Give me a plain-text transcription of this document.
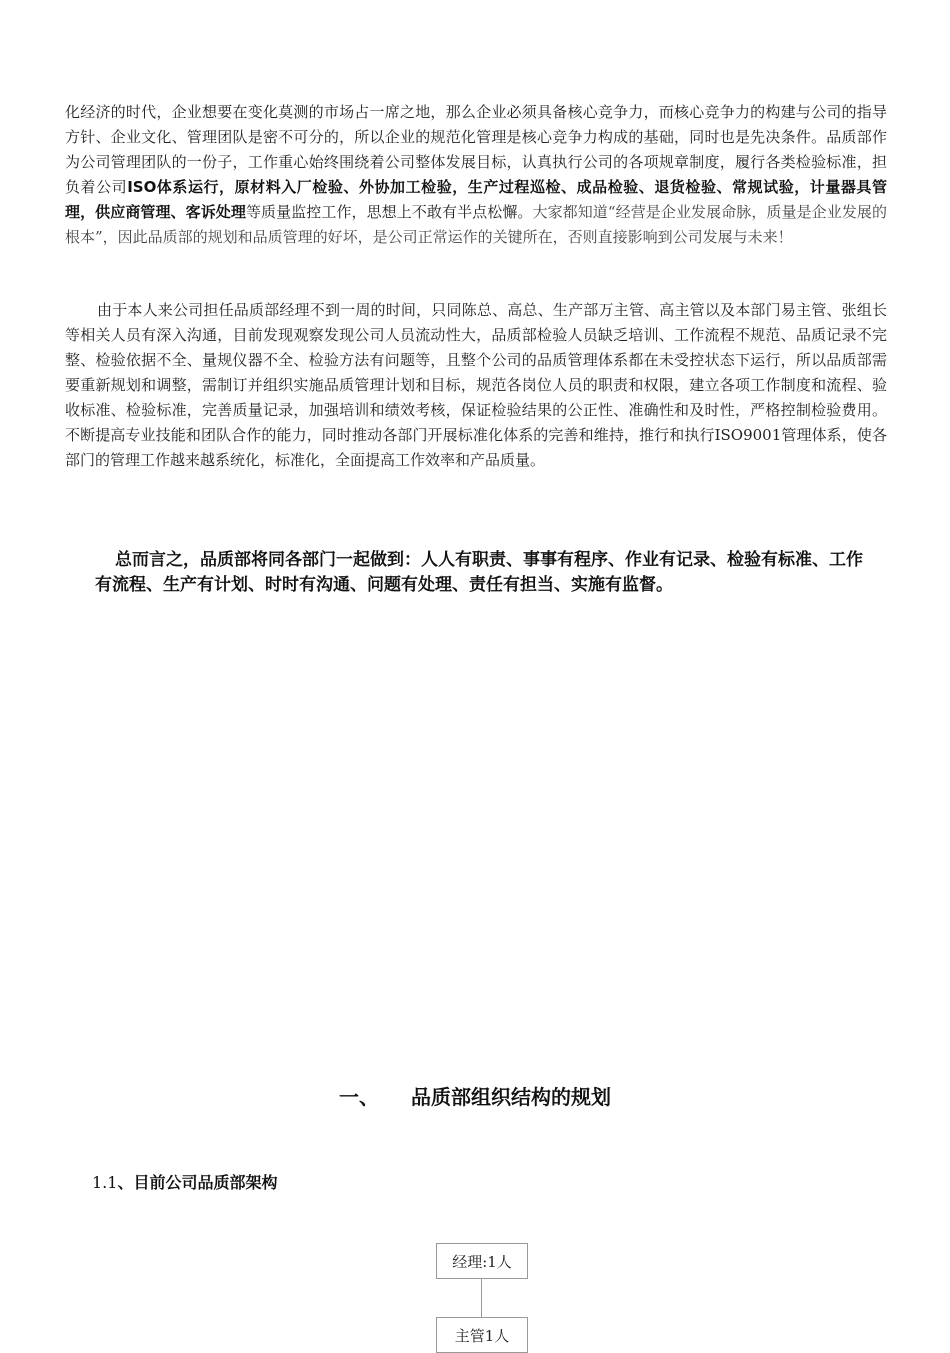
化经济的时代，企业想要在变化莫测的市场占一席之地，那么企业必须具备核心竞争力，而核心竞争力的构建与公司的指导方针、企业文化、管理团队是密不可分的，所以企业的规范化管理是核心竞争力构成的基础，同时也是先决条件。品质部作为公司管理团队的一份子，工作重心始终围绕着公司整体发展目标，认真执行公司的各项规章制度，履行各类检验标准，担负着公司ISO体系运行，原材料入厂检验、外协加工检验，生产过程巡检、成品检验、退货检验、常规试验，计量器具管理，供应商管理、客诉处理等质量监控工作，思想上不敢有半点松懈。大家都知道“经营是企业发展命脉，质量是企业发展的根本”，因此品质部的规划和品质管理的好坏，是公司正常运作的关键所在，否则直接影响到公司发展与未来！

由于本人来公司担任品质部经理不到一周的时间，只同陈总、高总、生产部万主管、高主管以及本部门易主管、张组长等相关人员有深入沟通，目前发现观察发现公司人员流动性大，品质部检验人员缺乏培训、工作流程不规范、品质记录不完整、检验依据不全、量规仪器不全、检验方法有问题等，且整个公司的品质管理体系都在未受控状态下运行，所以品质部需要重新规划和调整，需制订并组织实施品质管理计划和目标，规范各岗位人员的职责和权限，建立各项工作制度和流程、验收标准、检验标准，完善质量记录，加强培训和绩效考核，保证检验结果的公正性、准确性和及时性，严格控制检验费用。不断提高专业技能和团队合作的能力，同时推动各部门开展标准化体系的完善和维持，推行和执行ISO9001管理体系，使各部门的管理工作越来越系统化，标准化，全面提高工作效率和产品质量。

总而言之，品质部将同各部门一起做到：人人有职责、事事有程序、作业有记录、检验有标准、工作有流程、生产有计划、时时有沟通、问题有处理、责任有担当、实施有监督。

一、 品质部组织结构的规划
1.1、目前公司品质部架构
经理:1人
主管1人
